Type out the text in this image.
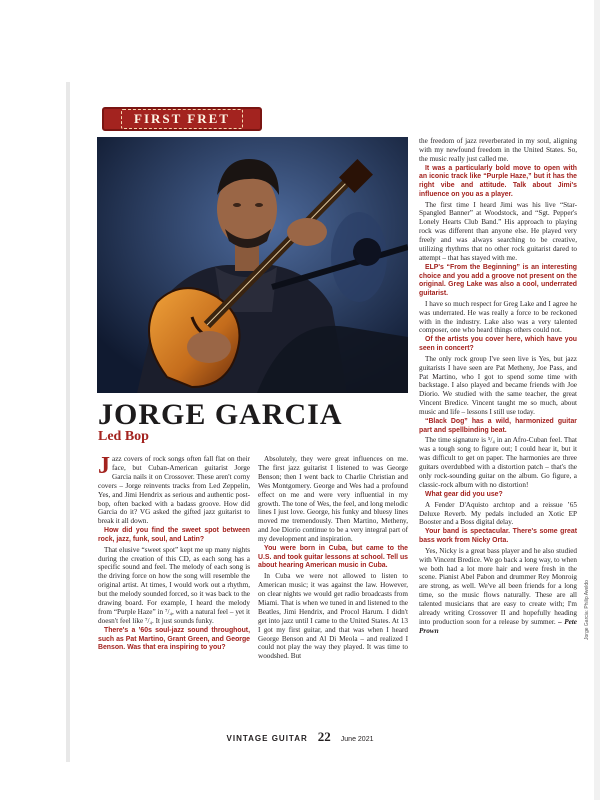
FIRST FRET
JORGE GARCIA
Led Bop

Jazz covers of rock songs often fall flat on their face, but Cuban-American guitarist Jorge Garcia nails it on Crossover. These aren't corny covers – Jorge reinvents tracks from Led Zeppelin, Yes, and Jimi Hendrix as serious and authentic post-bop, often backed with a badass groove. How did Garcia do it? VG asked the gifted jazz guitarist to break it all down.

How did you find the sweet spot between rock, jazz, funk, soul, and Latin?

That elusive “sweet spot” kept me up many nights during the creation of this CD, as each song has a specific sound and feel. The melody of each song is the driving force on how the song will resemble the original artist. At times, I would work out a rhythm, but the melody sounded forced, so it was back to the drawing board. For example, I heard the melody from “Purple Haze” in ⁷/₄, with a natural feel – yet it doesn't feel like ⁷/₄. It just sounds funky.

There's a ’60s soul-jazz sound throughout, such as Pat Martino, Grant Green, and George Benson. Was that era inspiring to you?

Absolutely, they were great influences on me. The first jazz guitarist I listened to was George Benson; then I went back to Charlie Christian and Wes Montgomery. George and Wes had a profound effect on me and were very influential in my growth. The tone of Wes, the feel, and long melodic lines I just love. George, his funky and bluesy lines moved me tremendously. Then Martino, Metheny, and Joe Diorio continue to be a very integral part of my development and inspiration.

You were born in Cuba, but came to the U.S. and took guitar lessons at school. Tell us about hearing American music in Cuba.

In Cuba we were not allowed to listen to American music; it was against the law. However, on clear nights we would get radio broadcasts from Miami. That is when we tuned in and listened to the Beatles, Jimi Hendrix, and Procol Harum. I didn't get into jazz until I came to the United States. At 13 I got my first guitar, and that was when I heard George Benson and Al Di Meola – and realized I could not play the way they played. It was time to woodshed. But

the freedom of jazz reverberated in my soul, aligning with my newfound freedom in the United States. So, the music really just called me.

It was a particularly bold move to open with an iconic track like “Purple Haze,” but it has the right vibe and attitude. Talk about Jimi's influence on you as a player.

The first time I heard Jimi was his live “Star-Spangled Banner” at Woodstock, and “Sgt. Pepper's Lonely Hearts Club Band.” His approach to playing rock was different than anyone else. He played very freely and was always searching to be creative, utilizing rhythms that no other rock guitarist dared to attempt – that has stayed with me.

ELP's “From the Beginning” is an interesting choice and you add a groove not present on the original. Greg Lake was also a cool, underrated guitarist.

I have so much respect for Greg Lake and I agree he was underrated. He was really a force to be reckoned with in the industry. Lake also was a very talented composer, one who heard things others could not.

Of the artists you cover here, which have you seen in concert?

The only rock group I've seen live is Yes, but jazz guitarists I have seen are Pat Metheny, Joe Pass, and Pat Martino, who I got to spend some time with backstage. I also played and became friends with Joe Diorio. We studied with the same teacher, the great Vincent Bredice. Vincent taught me so much, about music and life – lessons I still use today.

“Black Dog” has a wild, harmonized guitar part and spellbinding beat.

The time signature is ⁵/₄ in an Afro-Cuban feel. That was a tough song to figure out; I could hear it, but it was difficult to get on paper. The harmonies are three guitars overdubbed with a distortion patch – that's the only rock-sounding guitar on the album. Go figure, a classic-rock album with no distortion!

What gear did you use?

A Fender D'Aquisto archtop and a reissue ’65 Deluxe Reverb. My pedals included an Xotic EP Booster and a Boss digital delay.

Your band is spectacular. There's some great bass work from Nicky Orta.

Yes, Nicky is a great bass player and he also studied with Vincent Bredice. We go back a long way, to when we both had a lot more hair and were fresh in the scene. Pianist Abel Pabon and drummer Rey Monroig are strong, as well. We've all been friends for a long time, so the music flows naturally. These are all talented musicians that are easy to create with; I'm already writing Crossover II and hopefully heading into production soon for a release by summer. – Pete Prown

VINTAGE GUITAR 22 June 2021
Jorge Garcia: Philip Aveldo
